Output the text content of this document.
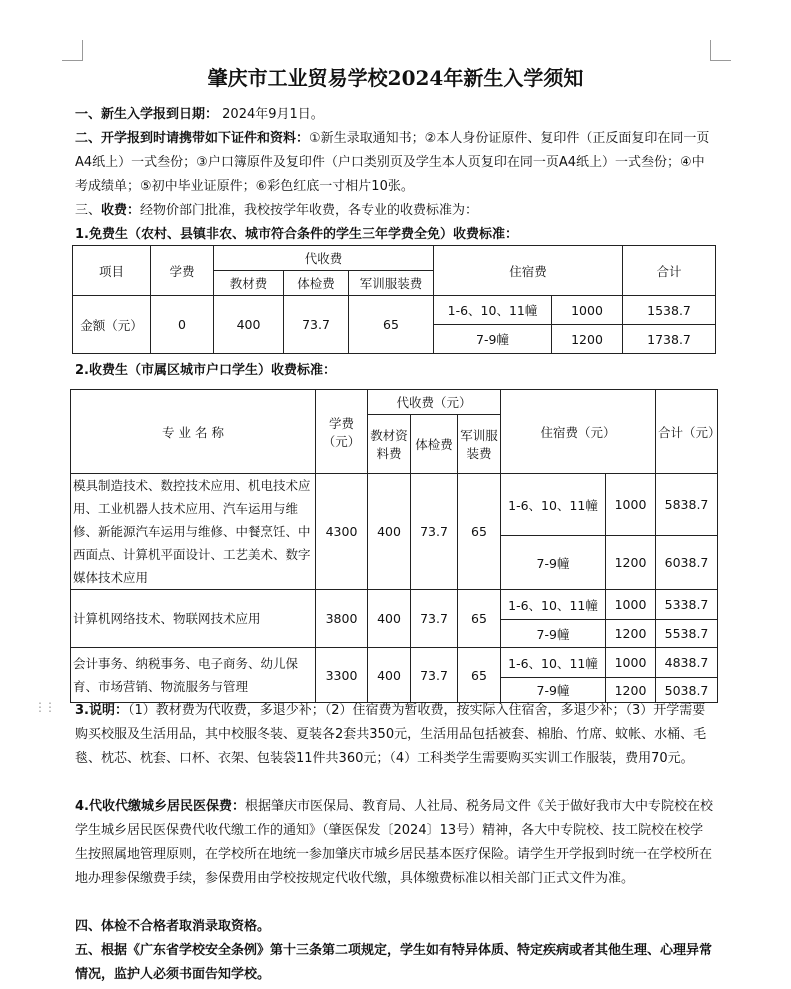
⋮⋮
肇庆市工业贸易学校2024年新生入学须知
一、新生入学报到日期： 2024年9月1日。
二、开学报到时请携带如下证件和资料：①新生录取通知书；②本人身份证原件、复印件（正反面复印在同一页A4纸上）一式叁份；③户口簿原件及复印件（户口类别页及学生本人页复印在同一页A4纸上）一式叁份；④中考成绩单；⑤初中毕业证原件；⑥彩色红底一寸相片10张。
三、收费：经物价部门批准，我校按学年收费，各专业的收费标准为：
1.免费生（农村、县镇非农、城市符合条件的学生三年学费全免）收费标准：
项目	学费	代收费			住宿费		合计
		教材费	体检费	军训服装费			
金额（元）	0	400	73.7	65	1-6、10、11幢	1000	1538.7
					7-9幢	1200	1738.7
2.收费生（市属区城市户口学生）收费标准：
专 业 名 称	学费（元）	代收费（元）			住宿费（元）		合计（元）
		教材资料费	体检费	军训服装费			
模具制造技术、数控技术应用、机电技术应用、工业机器人技术应用、汽车运用与维修、新能源汽车运用与维修、中餐烹饪、中西面点、计算机平面设计、工艺美术、数字媒体技术应用	4300	400	73.7	65	1-6、10、11幢	1000	5838.7
					7-9幢	1200	6038.7
计算机网络技术、物联网技术应用	3800	400	73.7	65	1-6、10、11幢	1000	5338.7
					7-9幢	1200	5538.7
会计事务、纳税事务、电子商务、幼儿保育、市场营销、物流服务与管理	3300	400	73.7	65	1-6、10、11幢	1000	4838.7
					7-9幢	1200	5038.7
3.说明：（1）教材费为代收费，多退少补；（2）住宿费为暂收费，按实际入住宿舍，多退少补；（3）开学需要购买校服及生活用品，其中校服冬装、夏装各2套共350元，生活用品包括被套、棉胎、竹席、蚊帐、水桶、毛毯、枕芯、枕套、口杯、衣架、包装袋11件共360元；（4）工科类学生需要购买实训工作服装，费用70元。
4.代收代缴城乡居民医保费：根据肇庆市医保局、教育局、人社局、税务局文件《关于做好我市大中专院校在校学生城乡居民医保费代收代缴工作的通知》（肇医保发〔2024〕13号）精神，各大中专院校、技工院校在校学生按照属地管理原则，在学校所在地统一参加肇庆市城乡居民基本医疗保险。请学生开学报到时统一在学校所在地办理参保缴费手续，参保费用由学校按规定代收代缴，具体缴费标准以相关部门正式文件为准。
四、体检不合格者取消录取资格。
五、根据《广东省学校安全条例》第十三条第二项规定，学生如有特异体质、特定疾病或者其他生理、心理异常情况，监护人必须书面告知学校。
